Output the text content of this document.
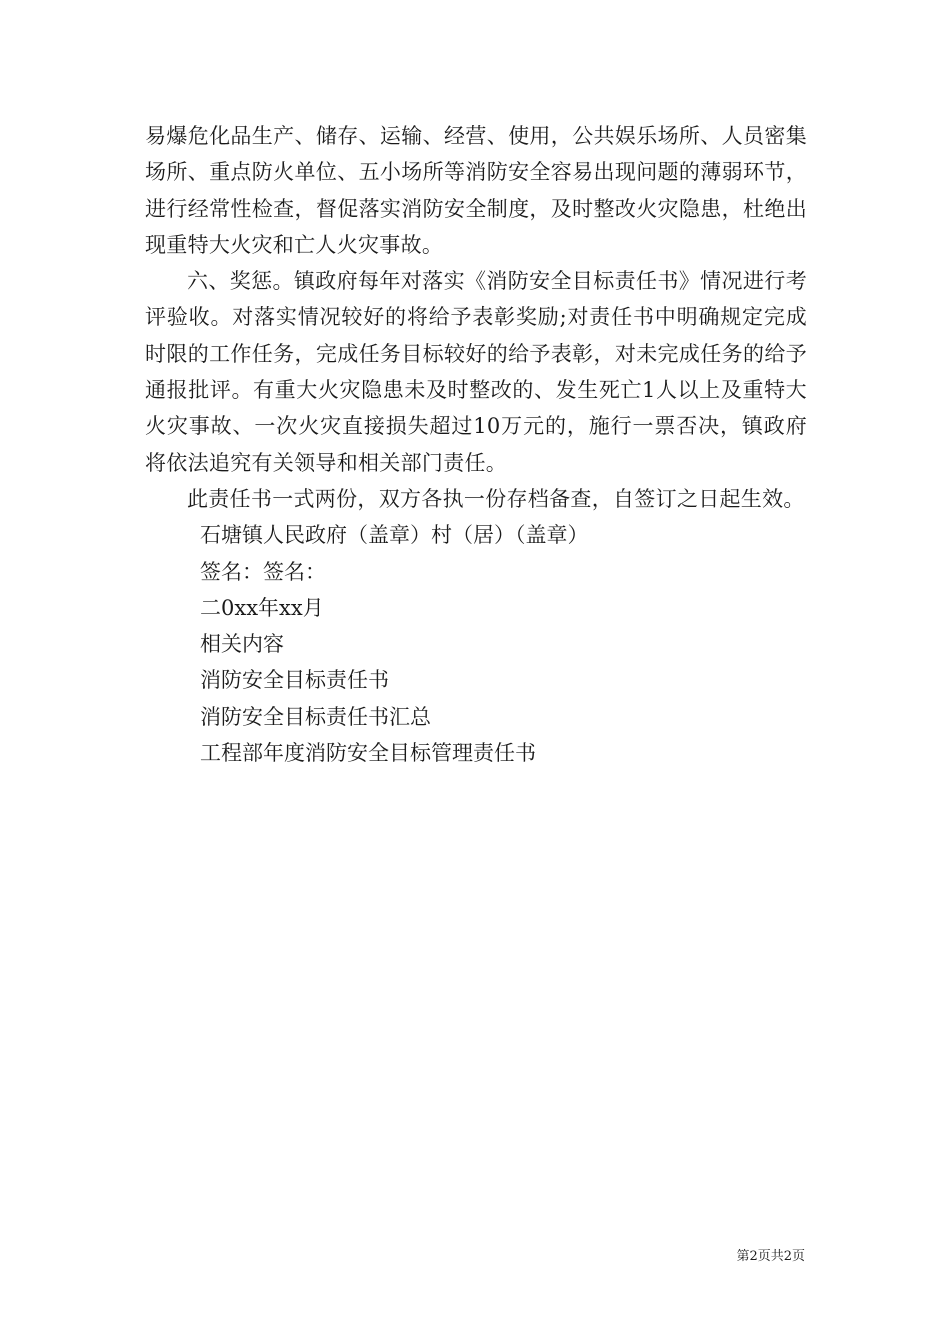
易爆危化品生产、储存、运输、经营、使用，公共娱乐场所、人员密集场所、重点防火单位、五小场所等消防安全容易出现问题的薄弱环节，进行经常性检查，督促落实消防安全制度，及时整改火灾隐患，杜绝出现重特大火灾和亡人火灾事故。

六、奖惩。镇政府每年对落实《消防安全目标责任书》情况进行考评验收。对落实情况较好的将给予表彰奖励;对责任书中明确规定完成时限的工作任务，完成任务目标较好的给予表彰，对未完成任务的给予通报批评。有重大火灾隐患未及时整改的、发生死亡1人以上及重特大火灾事故、一次火灾直接损失超过10万元的，施行一票否决，镇政府将依法追究有关领导和相关部门责任。

此责任书一式两份，双方各执一份存档备查，自签订之日起生效。

石塘镇人民政府（盖章）村（居）（盖章）

签名：签名：

二0xx年xx月

相关内容

消防安全目标责任书

消防安全目标责任书汇总

工程部年度消防安全目标管理责任书

第2页共2页
